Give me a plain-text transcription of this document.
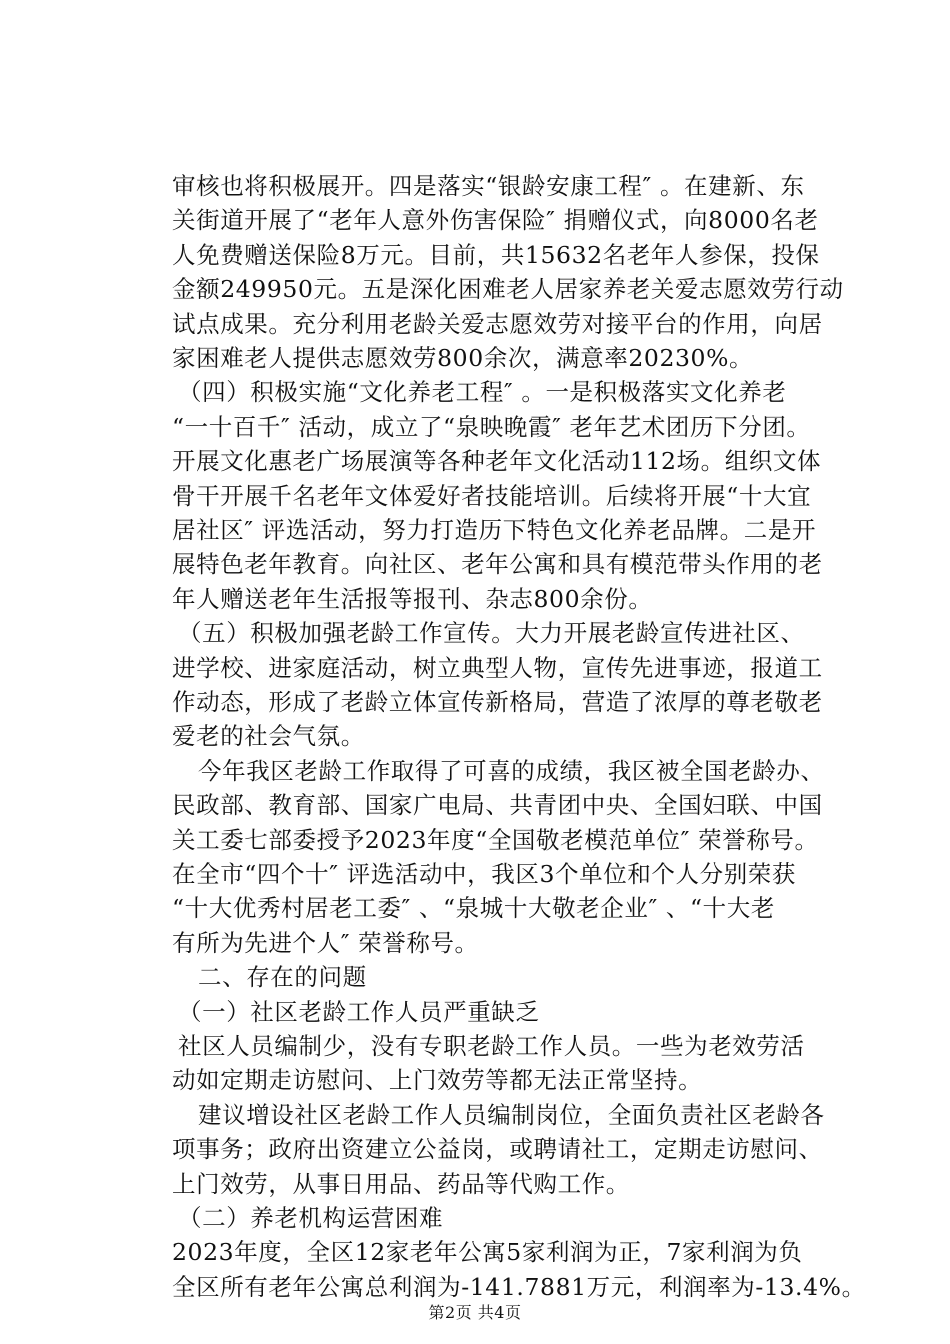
审核也将积极展开。四是落实“银龄安康工程″ 。在建新、东
关街道开展了“老年人意外伤害保险″ 捐赠仪式，向8000名老
人免费赠送保险8万元。目前，共15632名老年人参保，投保
金额249950元。五是深化困难老人居家养老关爱志愿效劳行动
试点成果。充分利用老龄关爱志愿效劳对接平台的作用，向居
家困难老人提供志愿效劳800余次，满意率20230%。
（四）积极实施“文化养老工程″ 。一是积极落实文化养老
“一十百千″ 活动，成立了“泉映晚霞″ 老年艺术团历下分团。
开展文化惠老广场展演等各种老年文化活动112场。组织文体
骨干开展千名老年文体爱好者技能培训。后续将开展“十大宜
居社区″ 评选活动，努力打造历下特色文化养老品牌。二是开
展特色老年教育。向社区、老年公寓和具有模范带头作用的老
年人赠送老年生活报等报刊、杂志800余份。
（五）积极加强老龄工作宣传。大力开展老龄宣传进社区、
进学校、进家庭活动，树立典型人物，宣传先进事迹，报道工
作动态，形成了老龄立体宣传新格局，营造了浓厚的尊老敬老
爱老的社会气氛。
今年我区老龄工作取得了可喜的成绩，我区被全国老龄办、
民政部、教育部、国家广电局、共青团中央、全国妇联、中国
关工委七部委授予2023年度“全国敬老模范单位″ 荣誉称号。
在全市“四个十″ 评选活动中，我区3个单位和个人分别荣获
“十大优秀村居老工委″ 、“泉城十大敬老企业″ 、“十大老
有所为先进个人″ 荣誉称号。
二、存在的问题
（一）社区老龄工作人员严重缺乏
社区人员编制少，没有专职老龄工作人员。一些为老效劳活
动如定期走访慰问、上门效劳等都无法正常坚持。
建议增设社区老龄工作人员编制岗位，全面负责社区老龄各
项事务；政府出资建立公益岗，或聘请社工，定期走访慰问、
上门效劳，从事日用品、药品等代购工作。
（二）养老机构运营困难
2023年度，全区12家老年公寓5家利润为正，7家利润为负
全区所有老年公寓总利润为-141.7881万元，利润率为-13.4%。
第2页 共4页
